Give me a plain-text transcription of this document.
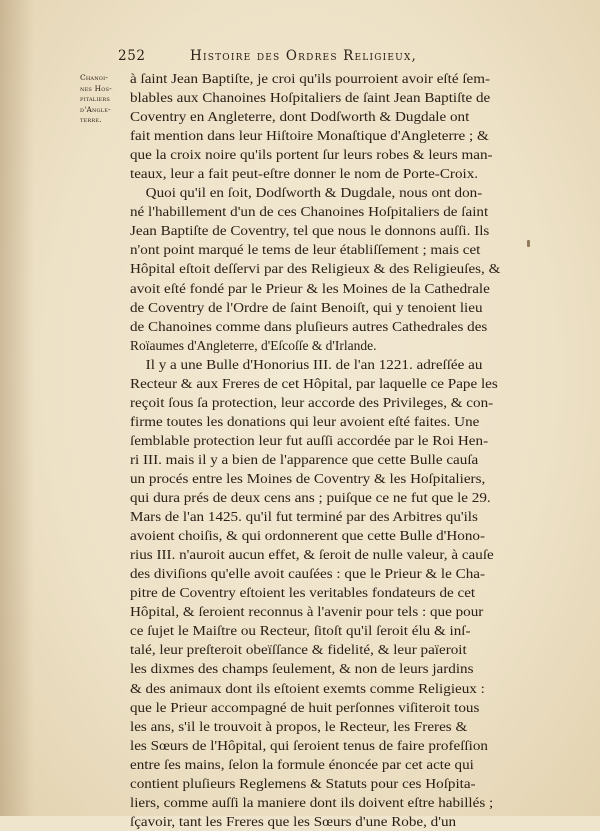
252	Histoire des Ordres Religieux,
Chanoi-
nes Hos-
pitaliers
d'Angle-
terre.
à ſaint Jean Baptiſte, je croi qu'ils pourroient avoir eſté ſem-
blables aux Chanoines Hoſpitaliers de ſaint Jean Baptiſte de
Coventry en Angleterre, dont Dodſworth & Dugdale ont
fait mention dans leur Hiſtoire Monaſtique d'Angleterre ; &
que la croix noire qu'ils portent ſur leurs robes & leurs man-
teaux, leur a fait peut-eſtre donner le nom de Porte-Croix.
Quoi qu'il en ſoit, Dodſworth & Dugdale, nous ont don-
né l'habillement d'un de ces Chanoines Hoſpitaliers de ſaint
Jean Baptiſte de Coventry, tel que nous le donnons auſſi. Ils
n'ont point marqué le tems de leur établiſſement ; mais cet
Hôpital eſtoit deſſervi par des Religieux & des Religieuſes, &
avoit eſté fondé par le Prieur & les Moines de la Cathedrale
de Coventry de l'Ordre de ſaint Benoiſt, qui y tenoient lieu
de Chanoines comme dans pluſieurs autres Cathedrales des
Roïaumes d'Angleterre, d'Eſcoſſe & d'Irlande.
Il y a une Bulle d'Honorius III. de l'an 1221. adreſſée au
Recteur & aux Freres de cet Hôpital, par laquelle ce Pape les
reçoit ſous ſa protection, leur accorde des Privileges, & con-
firme toutes les donations qui leur avoient eſté faites. Une
ſemblable protection leur fut auſſi accordée par le Roi Hen-
ri III. mais il y a bien de l'apparence que cette Bulle cauſa
un procés entre les Moines de Coventry & les Hoſpitaliers,
qui dura prés de deux cens ans ; puiſque ce ne fut que le 29.
Mars de l'an 1425. qu'il fut terminé par des Arbitres qu'ils
avoient choiſis, & qui ordonnerent que cette Bulle d'Hono-
rius III. n'auroit aucun effet, & ſeroit de nulle valeur, à cauſe
des diviſions qu'elle avoit cauſées : que le Prieur & le Cha-
pitre de Coventry eſtoient les veritables fondateurs de cet
Hôpital, & ſeroient reconnus à l'avenir pour tels : que pour
ce ſujet le Maiſtre ou Recteur, ſitoſt qu'il ſeroit élu & inſ-
talé, leur preſteroit obeïſſance & fidelité, & leur païeroit
les dixmes des champs ſeulement, & non de leurs jardins
& des animaux dont ils eſtoient exemts comme Religieux :
que le Prieur accompagné de huit perſonnes viſiteroit tous
les ans, s'il le trouvoit à propos, le Recteur, les Freres &
les Sœurs de l'Hôpital, qui ſeroient tenus de faire profeſſion
entre ſes mains, ſelon la formule énoncée par cet acte qui
contient pluſieurs Reglemens & Statuts pour ces Hoſpita-
liers, comme auſſi la maniere dont ils doivent eſtre habillés ;
ſçavoir, tant les Freres que les Sœurs d'une Robe, d'un
